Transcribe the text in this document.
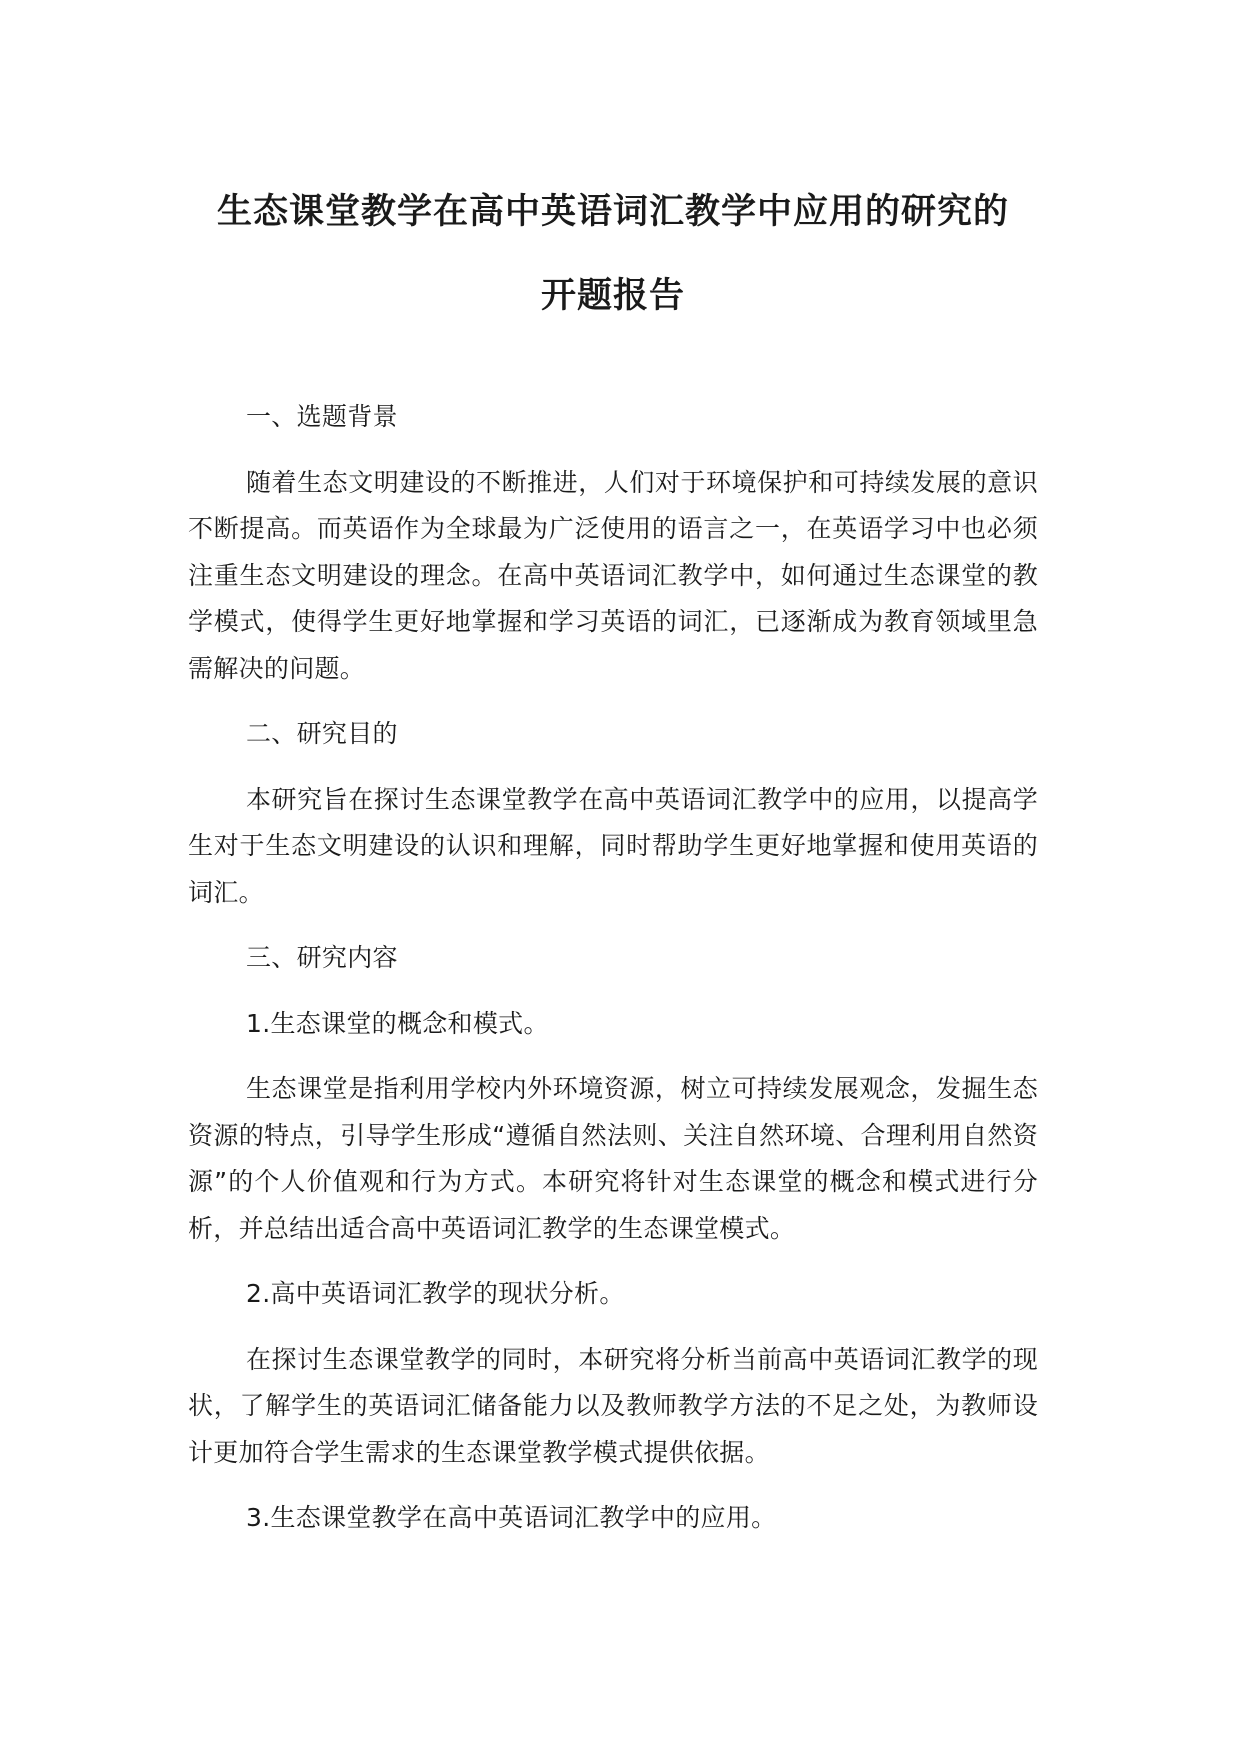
生态课堂教学在高中英语词汇教学中应用的研究的
开题报告

一、选题背景

随着生态文明建设的不断推进，人们对于环境保护和可持续发展的意识不断提高。而英语作为全球最为广泛使用的语言之一，在英语学习中也必须注重生态文明建设的理念。在高中英语词汇教学中，如何通过生态课堂的教学模式，使得学生更好地掌握和学习英语的词汇，已逐渐成为教育领域里急需解决的问题。

二、研究目的

本研究旨在探讨生态课堂教学在高中英语词汇教学中的应用，以提高学生对于生态文明建设的认识和理解，同时帮助学生更好地掌握和使用英语的词汇。

三、研究内容

1.生态课堂的概念和模式。

生态课堂是指利用学校内外环境资源，树立可持续发展观念，发掘生态资源的特点，引导学生形成“遵循自然法则、关注自然环境、合理利用自然资源”的个人价值观和行为方式。本研究将针对生态课堂的概念和模式进行分析，并总结出适合高中英语词汇教学的生态课堂模式。

2.高中英语词汇教学的现状分析。

在探讨生态课堂教学的同时，本研究将分析当前高中英语词汇教学的现状，了解学生的英语词汇储备能力以及教师教学方法的不足之处，为教师设计更加符合学生需求的生态课堂教学模式提供依据。

3.生态课堂教学在高中英语词汇教学中的应用。
